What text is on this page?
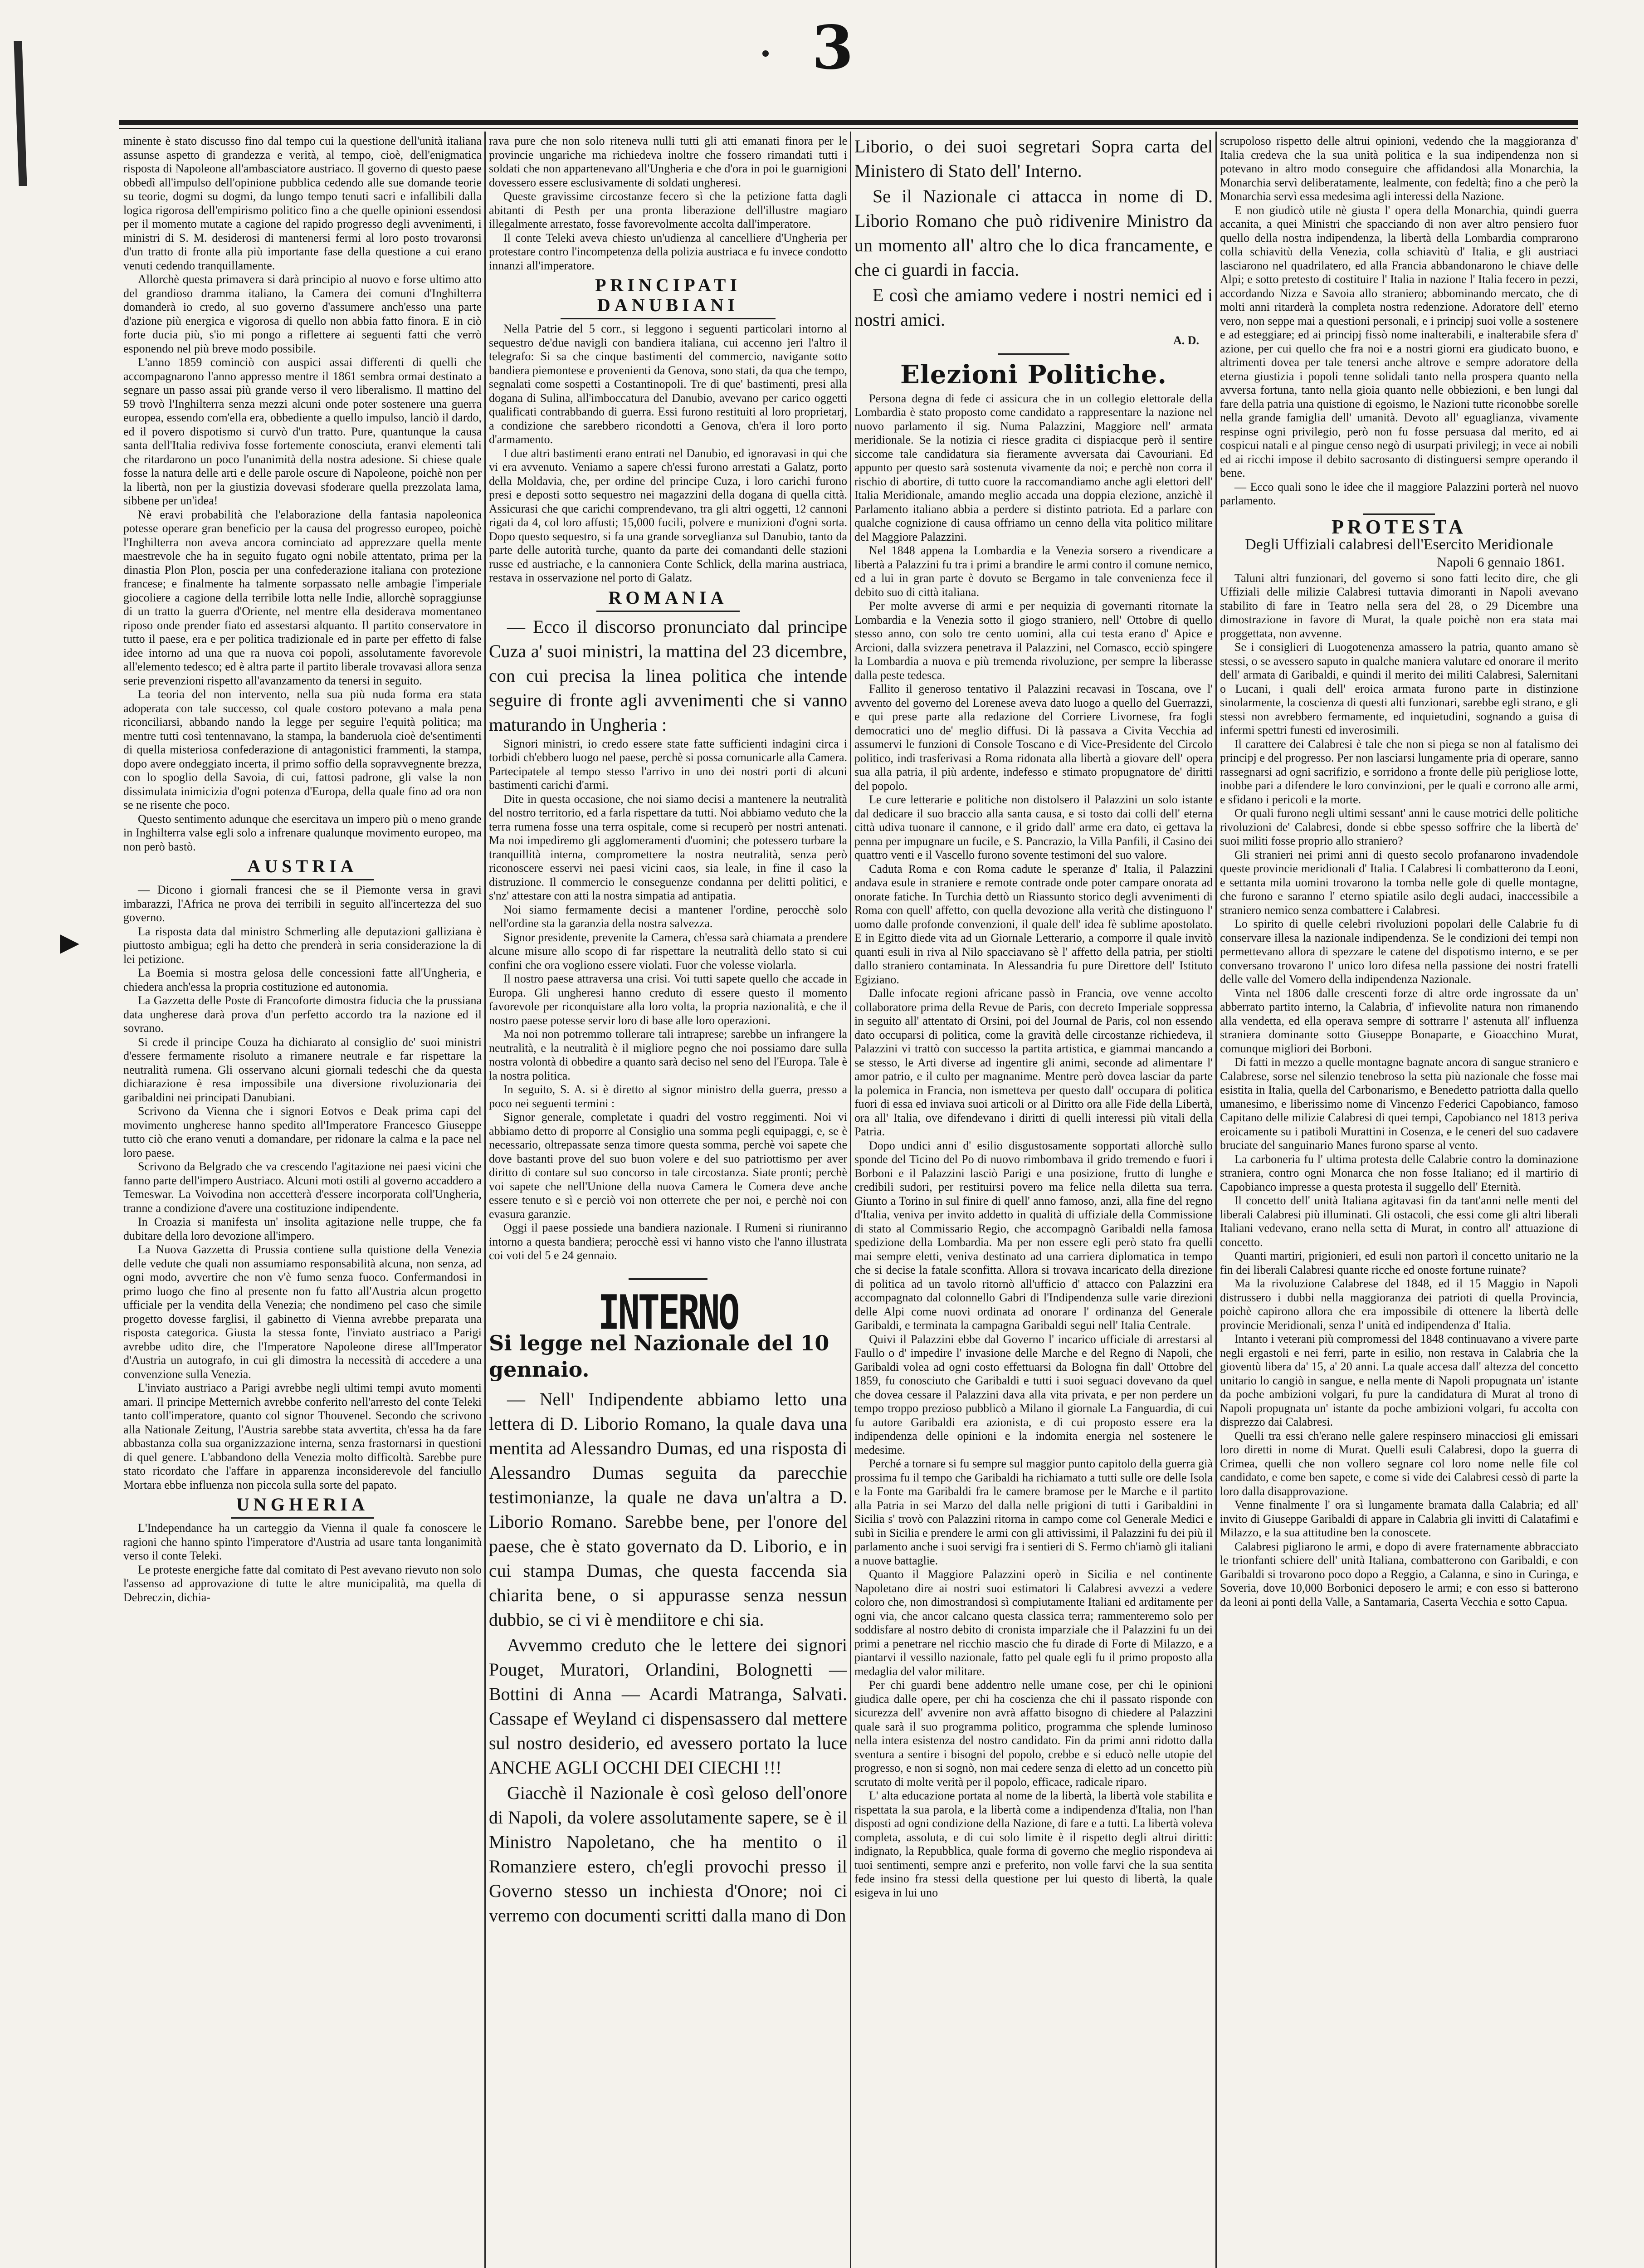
3
▶

minente è stato discusso fino dal tempo cui la questione dell'unità italiana assunse aspetto di grandezza e verità, al tempo, cioè, dell'enigmatica risposta di Napoleone all'ambasciatore austriaco. Il governo di questo paese obbedì all'impulso dell'opinione pubblica cedendo alle sue domande teorie su teorie, dogmi su dogmi, da lungo tempo tenuti sacri e infallibili dalla logica rigorosa dell'empirismo politico fino a che quelle opinioni essendosi per il momento mutate a cagione del rapido progresso degli avvenimenti, i ministri di S. M. desiderosi di mantenersi fermi al loro posto trovaronsi d'un tratto di fronte alla più importante fase della questione a cui erano venuti cedendo tranquillamente.

Allorchè questa primavera si darà principio al nuovo e forse ultimo atto del grandioso dramma italiano, la Camera dei comuni d'Inghilterra domanderà io credo, al suo governo d'assumere anch'esso una parte d'azione più energica e vigorosa di quello non abbia fatto finora. E in ciò forte ducia più, s'io mi pongo a riflettere ai seguenti fatti che verrò esponendo nel più breve modo possibile.

L'anno 1859 cominciò con auspici assai differenti di quelli che accompagnarono l'anno appresso mentre il 1861 sembra ormai destinato a segnare un passo assai più grande verso il vero liberalismo. Il mattino del 59 trovò l'Inghilterra senza mezzi alcuni onde poter sostenere una guerra europea, essendo com'ella era, obbediente a quello impulso, lanciò il dardo, ed il povero dispotismo si curvò d'un tratto. Pure, quantunque la causa santa dell'Italia rediviva fosse fortemente conosciuta, eranvi elementi tali che ritardarono un poco l'unanimità della nostra adesione. Si chiese quale fosse la natura delle arti e delle parole oscure di Napoleone, poichè non per la libertà, non per la giustizia dovevasi sfoderare quella prezzolata lama, sibbene per un'idea!

Nè eravi probabilità che l'elaborazione della fantasia napoleonica potesse operare gran beneficio per la causa del progresso europeo, poichè l'Inghilterra non aveva ancora cominciato ad apprezzare quella mente maestrevole che ha in seguito fugato ogni nobile attentato, prima per la dinastia Plon Plon, poscia per una confederazione italiana con protezione francese; e finalmente ha talmente sorpassato nelle ambagie l'imperiale giocoliere a cagione della terribile lotta nelle Indie, allorchè sopraggiunse di un tratto la guerra d'Oriente, nel mentre ella desiderava momentaneo riposo onde prender fiato ed assestarsi alquanto. Il partito conservatore in tutto il paese, era e per politica tradizionale ed in parte per effetto di false idee intorno ad una que ra nuova coi popoli, assolutamente favorevole all'elemento tedesco; ed è altra parte il partito liberale trovavasi allora senza serie prevenzioni rispetto all'avanzamento da tenersi in seguito.

La teoria del non intervento, nella sua più nuda forma era stata adoperata con tale successo, col quale costoro potevano a mala pena riconciliarsi, abbando nando la legge per seguire l'equità politica; ma mentre tutti così tentennavano, la stampa, la banderuola cioè de'sentimenti di quella misteriosa confederazione di antagonistici frammenti, la stampa, dopo avere ondeggiato incerta, il primo soffio della sopravvegnente brezza, con lo spoglio della Savoia, di cui, fattosi padrone, gli valse la non dissimulata inimicizia d'ogni potenza d'Europa, della quale fino ad ora non se ne risente che poco.

Questo sentimento adunque che esercitava un impero più o meno grande in Inghilterra valse egli solo a infrenare qualunque movimento europeo, ma non però bastò.

AUSTRIA

— Dicono i giornali francesi che se il Piemonte versa in gravi imbarazzi, l'Africa ne prova dei terribili in seguito all'incertezza del suo governo.

La risposta data dal ministro Schmerling alle deputazioni galliziana è piuttosto ambigua; egli ha detto che prenderà in seria considerazione la di lei petizione.

La Boemia si mostra gelosa delle concessioni fatte all'Ungheria, e chiedera anch'essa la propria costituzione ed autonomia.

La Gazzetta delle Poste di Francoforte dimostra fiducia che la prussiana data ungherese darà prova d'un perfetto accordo tra la nazione ed il sovrano.

Si crede il principe Couza ha dichiarato al consiglio de' suoi ministri d'essere fermamente risoluto a rimanere neutrale e far rispettare la neutralità rumena. Gli osservano alcuni giornali tedeschi che da questa dichiarazione è resa impossibile una diversione rivoluzionaria dei garibaldini nei principati Danubiani.

Scrivono da Vienna che i signori Eotvos e Deak prima capi del movimento ungherese hanno spedito all'Imperatore Francesco Giuseppe tutto ciò che erano venuti a domandare, per ridonare la calma e la pace nel loro paese.

Scrivono da Belgrado che va crescendo l'agitazione nei paesi vicini che fanno parte dell'impero Austriaco. Alcuni moti ostili al governo accaddero a Temeswar. La Voivodina non accetterà d'essere incorporata coll'Ungheria, tranne a condizione d'avere una costituzione indipendente.

In Croazia si manifesta un' insolita agitazione nelle truppe, che fa dubitare della loro devozione all'impero.

La Nuova Gazzetta di Prussia contiene sulla quistione della Venezia delle vedute che quali non assumiamo responsabilità alcuna, non senza, ad ogni modo, avvertire che non v'è fumo senza fuoco. Confermandosi in primo luogo che fino al presente non fu fatto all'Austria alcun progetto ufficiale per la vendita della Venezia; che nondimeno pel caso che simile progetto dovesse farglisi, il gabinetto di Vienna avrebbe preparata una risposta categorica. Giusta la stessa fonte, l'inviato austriaco a Parigi avrebbe udito dire, che l'Imperatore Napoleone direse all'Imperator d'Austria un autografo, in cui gli dimostra la necessità di accedere a una convenzione sulla Venezia.

L'inviato austriaco a Parigi avrebbe negli ultimi tempi avuto momenti amari. Il principe Metternich avrebbe conferito nell'arresto del conte Teleki tanto coll'imperatore, quanto col signor Thouvenel. Secondo che scrivono alla Nationale Zeitung, l'Austria sarebbe stata avvertita, ch'essa ha da fare abbastanza colla sua organizzazione interna, senza frastornarsi in questioni di quel genere. L'abbandono della Venezia molto difficoltà. Sarebbe pure stato ricordato che l'affare in apparenza inconsiderevole del fanciullo Mortara ebbe influenza non piccola sulla sorte del papato.

UNGHERIA

L'Independance ha un carteggio da Vienna il quale fa conoscere le ragioni che hanno spinto l'imperatore d'Austria ad usare tanta longanimità verso il conte Teleki.

Le proteste energiche fatte dal comitato di Pest avevano rievuto non solo l'assenso ad approvazione di tutte le altre municipalità, ma quella di Debreczin, dichia-

rava pure che non solo riteneva nulli tutti gli atti emanati finora per le provincie ungariche ma richiedeva inoltre che fossero rimandati tutti i soldati che non appartenevano all'Ungheria e che d'ora in poi le guarnigioni dovessero essere esclusivamente di soldati ungheresi.

Queste gravissime circostanze fecero sì che la petizione fatta dagli abitanti di Pesth per una pronta liberazione dell'illustre magiaro illegalmente arrestato, fosse favorevolmente accolta dall'imperatore.

Il conte Teleki aveva chiesto un'udienza al cancelliere d'Ungheria per protestare contro l'incompetenza della polizia austriaca e fu invece condotto innanzi all'imperatore.

PRINCIPATI DANUBIANI

Nella Patrie del 5 corr., si leggono i seguenti particolari intorno al sequestro de'due navigli con bandiera italiana, cui accenno jeri l'altro il telegrafo: Si sa che cinque bastimenti del commercio, navigante sotto bandiera piemontese e provenienti da Genova, sono stati, da qua che tempo, segnalati come sospetti a Costantinopoli. Tre di que' bastimenti, presi alla dogana di Sulina, all'imboccatura del Danubio, avevano per carico oggetti qualificati contrabbando di guerra. Essi furono restituiti al loro proprietarj, a condizione che sarebbero ricondotti a Genova, ch'era il loro porto d'armamento.

I due altri bastimenti erano entrati nel Danubio, ed ignoravasi in qui che vi era avvenuto. Veniamo a sapere ch'essi furono arrestati a Galatz, porto della Moldavia, che, per ordine del principe Cuza, i loro carichi furono presi e deposti sotto sequestro nei magazzini della dogana di quella città. Assicurasi che que carichi comprendevano, tra gli altri oggetti, 12 cannoni rigati da 4, col loro affusti; 15,000 fucili, polvere e munizioni d'ogni sorta. Dopo questo sequestro, si fa una grande sorveglianza sul Danubio, tanto da parte delle autorità turche, quanto da parte dei comandanti delle stazioni russe ed austriache, e la cannoniera Conte Schlick, della marina austriaca, restava in osservazione nel porto di Galatz.

ROMANIA

— Ecco il discorso pronunciato dal principe Cuza a' suoi ministri, la mattina del 23 dicembre, con cui precisa la linea politica che intende seguire di fronte agli avvenimenti che si vanno maturando in Ungheria :

Signori ministri, io credo essere state fatte sufficienti indagini circa i torbidi ch'ebbero luogo nel paese, perchè si possa comunicarle alla Camera. Partecipatele al tempo stesso l'arrivo in uno dei nostri porti di alcuni bastimenti carichi d'armi.

Dite in questa occasione, che noi siamo decisi a mantenere la neutralità del nostro territorio, ed a farla rispettare da tutti. Noi abbiamo veduto che la terra rumena fosse una terra ospitale, come si recuperò per nostri antenati. Ma noi impediremo gli agglomeramenti d'uomini; che potessero turbare la tranquillità interna, compromettere la nostra neutralità, senza però riconoscere esservi nei paesi vicini caos, sia leale, in fine il caso la distruzione. Il commercio le conseguenze condanna per delitti politici, e s'nz' attestare con atti la nostra simpatia ad antipatia.

Noi siamo fermamente decisi a mantener l'ordine, perocchè solo nell'ordine sta la garanzia della nostra salvezza.

Signor presidente, prevenite la Camera, ch'essa sarà chiamata a prendere alcune misure allo scopo di far rispettare la neutralità dello stato si cui confini che ora vogliono essere violati. Fuor che volesse violarla.

Il nostro paese attraversa una crisi. Voi tutti sapete quello che accade in Europa. Gli ungheresi hanno creduto di essere questo il momento favorevole per riconquistare alla loro volta, la propria nazionalità, e che il nostro paese potesse servir loro di base alle loro operazioni.

Ma noi non potremmo tollerare tali intraprese; sarebbe un infrangere la neutralità, e la neutralità è il migliore pegno che noi possiamo dare sulla nostra volontà di obbedire a quanto sarà deciso nel seno del l'Europa. Tale è la nostra politica.

In seguito, S. A. si è diretto al signor ministro della guerra, presso a poco nei seguenti termini :

Signor generale, completate i quadri del vostro reggimenti. Noi vi abbiamo detto di proporre al Consiglio una somma pegli equipaggi, e, se è necessario, oltrepassate senza timore questa somma, perchè voi sapete che dove bastanti prove del suo buon volere e del suo patriottismo per aver diritto di contare sul suo concorso in tale circostanza. Siate pronti; perchè voi sapete che nell'Unione della nuova Camera le Comera deve anche essere tenuto e sì e perciò voi non otterrete che per noi, e perchè noi con evasura garanzie.

Oggi il paese possiede una bandiera nazionale. I Rumeni si riuniranno intorno a questa bandiera; perocchè essi vi hanno visto che l'anno illustrata coi voti del 5 e 24 gennaio.

INTERNO
Si legge nel Nazionale del 10 gennaio.

— Nell' Indipendente abbiamo letto una lettera di D. Liborio Romano, la quale dava una mentita ad Alessandro Dumas, ed una risposta di Alessandro Dumas seguita da parecchie testimonianze, la quale ne dava un'altra a D. Liborio Romano. Sarebbe bene, per l'onore del paese, che è stato governato da D. Liborio, e in cui stampa Dumas, che questa faccenda sia chiarita bene, o si appurasse senza nessun dubbio, se ci vi è mendiitore e chi sia.

Avvemmo creduto che le lettere dei signori Pouget, Muratori, Orlandini, Bolognetti — Bottini di Anna — Acardi Matranga, Salvati. Cassape ef Weyland ci dispensassero dal mettere sul nostro desiderio, ed avessero portato la luce ANCHE AGLI OCCHI DEI CIECHI !!!

Giacchè il Nazionale è così geloso dell'onore di Napoli, da volere assolutamente sapere, se è il Ministro Napoletano, che ha mentito o il Romanziere estero, ch'egli provochi presso il Governo stesso un inchiesta d'Onore; noi ci verremo con documenti scritti dalla mano di Don

Liborio, o dei suoi segretari Sopra carta del Ministero di Stato dell' Interno.

Se il Nazionale ci attacca in nome di D. Liborio Romano che può ridivenire Ministro da un momento all' altro che lo dica francamente, e che ci guardi in faccia.

E così che amiamo vedere i nostri nemici ed i nostri amici.

A. D.
Elezioni Politiche.

Persona degna di fede ci assicura che in un collegio elettorale della Lombardia è stato proposto come candidato a rappresentare la nazione nel nuovo parlamento il sig. Numa Palazzini, Maggiore nell' armata meridionale. Se la notizia ci riesce gradita ci dispiacque però il sentire siccome tale candidatura sia fieramente avversata dai Cavouriani. Ed appunto per questo sarà sostenuta vivamente da noi; e perchè non corra il rischio di abortire, di tutto cuore la raccomandiamo anche agli elettori dell' Italia Meridionale, amando meglio accada una doppia elezione, anzichè il Parlamento italiano abbia a perdere si distinto patriota. Ed a parlare con qualche cognizione di causa offriamo un cenno della vita politico militare del Maggiore Palazzini.

Nel 1848 appena la Lombardia e la Venezia sorsero a rivendicare a libertà a Palazzini fu tra i primi a brandire le armi contro il comune nemico, ed a lui in gran parte è dovuto se Bergamo in tale convenienza fece il debito suo di città italiana.

Per molte avverse di armi e per nequizia di governanti ritornate la Lombardia e la Venezia sotto il giogo straniero, nell' Ottobre di quello stesso anno, con solo tre cento uomini, alla cui testa erano d' Apice e Arcioni, dalla svizzera penetrava il Palazzini, nel Comasco, ecciò spingere la Lombardia a nuova e più tremenda rivoluzione, per sempre la liberasse dalla peste tedesca.

Fallito il generoso tentativo il Palazzini recavasi in Toscana, ove l' avvento del governo del Lorenese aveva dato luogo a quello del Guerrazzi, e qui prese parte alla redazione del Corriere Livornese, fra fogli democratici uno de' meglio diffusi. Di là passava a Civita Vecchia ad assumervi le funzioni di Console Toscano e di Vice-Presidente del Circolo politico, indi trasferivasi a Roma ridonata alla libertà a giovare dell' opera sua alla patria, il più ardente, indefesso e stimato propugnatore de' diritti del popolo.

Le cure letterarie e politiche non distolsero il Palazzini un solo istante dal dedicare il suo braccio alla santa causa, e si tosto dai colli dell' eterna città udiva tuonare il cannone, e il grido dall' arme era dato, ei gettava la penna per impugnare un fucile, e S. Pancrazio, la Villa Panfili, il Casino dei quattro venti e il Vascello furono sovente testimoni del suo valore.

Caduta Roma e con Roma cadute le speranze d' Italia, il Palazzini andava esule in straniere e remote contrade onde poter campare onorata ad onorate fatiche. In Turchia dettò un Riassunto storico degli avvenimenti di Roma con quell' affetto, con quella devozione alla verità che distinguono l' uomo dalle profonde convenzioni, il quale dell' idea fè sublime apostolato. E in Egitto diede vita ad un Giornale Letterario, a comporre il quale invitò quanti esuli in riva al Nilo spacciavano sè l' affetto della patria, per stiolti dallo straniero contaminata. In Alessandria fu pure Direttore dell' Istituto Egiziano.

Dalle infocate regioni africane passò in Francia, ove venne accolto collaboratore prima della Revue de Paris, con decreto Imperiale soppressa in seguito all' attentato di Orsini, poi del Journal de Paris, col non essendo dato occuparsi di politica, come la gravità delle circostanze richiedeva, il Palazzini vi trattò con successo la partita artistica, e giammai mancando a se stesso, le Arti diverse ad ingentire gli animi, seconde ad alimentare l' amor patrio, e il culto per magnanime. Mentre però dovea lasciar da parte la polemica in Francia, non ismetteva per questo dall' occupara di politica fuori di essa ed inviava suoi articoli or al Diritto ora alle Fide della Libertà, ora all' Italia, ove difendevano i diritti di quelli interessi più vitali della Patria.

Dopo undici anni d' esilio disgustosamente sopportati allorchè sullo sponde del Ticino del Po di nuovo rimbombava il grido tremendo e fuori i Borboni e il Palazzini lasciò Parigi e una posizione, frutto di lunghe e credibili sudori, per restituirsi povero ma felice nella diletta sua terra. Giunto a Torino in sul finire di quell' anno famoso, anzi, alla fine del regno d'Italia, veniva per invito addetto in qualità di uffiziale della Commissione di stato al Commissario Regio, che accompagnò Garibaldi nella famosa spedizione della Lombardia. Ma per non essere egli però stato fra quelli mai sempre eletti, veniva destinato ad una carriera diplomatica in tempo che si decise la fatale sconfitta. Allora si trovava incaricato della direzione di politica ad un tavolo ritornò all'ufficio d' attacco con Palazzini era accompagnato dal colonnello Gabri di l'Indipendenza sulle varie direzioni delle Alpi come nuovi ordinata ad onorare l' ordinanza del Generale Garibaldi, e terminata la campagna Garibaldi segui nell' Italia Centrale.

Quivi il Palazzini ebbe dal Governo l' incarico ufficiale di arrestarsi al Faullo o d' impedire l' invasione delle Marche e del Regno di Napoli, che Garibaldi volea ad ogni costo effettuarsi da Bologna fin dall' Ottobre del 1859, fu conosciuto che Garibaldi e tutti i suoi seguaci dovevano da quel che dovea cessare il Palazzini dava alla vita privata, e per non perdere un tempo troppo prezioso pubblicò a Milano il giornale La Fanguardia, di cui fu autore Garibaldi era azionista, e di cui proposto essere era la indipendenza delle opinioni e la indomita energia nel sostenere le medesime.

Perché a tornare si fu sempre sul maggior punto capitolo della guerra già prossima fu il tempo che Garibaldi ha richiamato a tutti sulle ore delle Isola e la Fonte ma Garibaldi fra le camere bramose per le Marche e il partito alla Patria in sei Marzo del dalla nelle prigioni di tutti i Garibaldini in Sicilia s' trovò con Palazzini ritorna in campo come col Generale Medici e subì in Sicilia e prendere le armi con gli attivissimi, il Palazzini fu dei più il parlamento anche i suoi servigi fra i sentieri di S. Fermo ch'iamò gli italiani a nuove battaglie.

Quanto il Maggiore Palazzini operò in Sicilia e nel continente Napoletano dire ai nostri suoi estimatori li Calabresi avvezzi a vedere coloro che, non dimostrandosi sì compiutamente Italiani ed arditamente per ogni via, che ancor calcano questa classica terra; rammenteremo solo per soddisfare al nostro debito di cronista imparziale che il Palazzini fu un dei primi a penetrare nel ricchio mascio che fu dirade di Forte di Milazzo, e a piantarvi il vessillo nazionale, fatto pel quale egli fu il primo proposto alla medaglia del valor militare.

Per chi guardi bene addentro nelle umane cose, per chi le opinioni giudica dalle opere, per chi ha coscienza che chi il passato risponde con sicurezza dell' avvenire non avrà affatto bisogno di chiedere al Palazzini quale sarà il suo programma politico, programma che splende luminoso nella intera esistenza del nostro candidato. Fin da primi anni ridotto dalla sventura a sentire i bisogni del popolo, crebbe e si educò nelle utopie del progresso, e non si sognò, non mai cedere senza di eletto ad un concetto più scrutato di molte verità per il popolo, efficace, radicale riparo.

L' alta educazione portata al nome de la libertà, la libertà vole stabilita e rispettata la sua parola, e la libertà come a indipendenza d'Italia, non l'han disposti ad ogni condizione della Nazione, di fare e a tutti. La libertà voleva completa, assoluta, e di cui solo limite è il rispetto degli altrui diritti: indignato, la Repubblica, quale forma di governo che meglio rispondeva ai tuoi sentimenti, sempre anzi e preferito, non volle farvi che la sua sentita fede insino fra stessi della questione per lui questo di libertà, la quale esigeva in lui uno

scrupoloso rispetto delle altrui opinioni, vedendo che la maggioranza d' Italia credeva che la sua unità politica e la sua indipendenza non si potevano in altro modo conseguire che affidandosi alla Monarchia, la Monarchia servì deliberatamente, lealmente, con fedeltà; fino a che però la Monarchia servì essa medesima agli interessi della Nazione.

E non giudicò utile nè giusta l' opera della Monarchia, quindi guerra accanita, a quei Ministri che spacciando di non aver altro pensiero fuor quello della nostra indipendenza, la libertà della Lombardia comprarono colla schiavitù della Venezia, colla schiavitù d' Italia, e gli austriaci lasciarono nel quadrilatero, ed alla Francia abbandonarono le chiave delle Alpi; e sotto pretesto di costituire l' Italia in nazione l' Italia fecero in pezzi, accordando Nizza e Savoia allo straniero; abbominando mercato, che di molti anni ritarderà la completa nostra redenzione. Adoratore dell' eterno vero, non seppe mai a questioni personali, e i principj suoi volle a sostenere e ad esteggiare; ed ai principj fissò nome inalterabili, e inalterabile sfera d' azione, per cui quello che fra noi e a nostri giorni era giudicato buono, e altrimenti dovea per tale tenersi anche altrove e sempre adoratore della eterna giustizia i popoli tenne solidali tanto nella prospera quanto nella avversa fortuna, tanto nella gioia quanto nelle obbiezioni, e ben lungi dal fare della patria una quistione di egoismo, le Nazioni tutte riconobbe sorelle nella grande famiglia dell' umanità. Devoto all' eguaglianza, vivamente respinse ogni privilegio, però non fu fosse persuasa dal merito, ed ai cospicui natali e al pingue censo negò di usurpati privilegj; in vece ai nobili ed ai ricchi impose il debito sacrosanto di distinguersi sempre operando il bene.

— Ecco quali sono le idee che il maggiore Palazzini porterà nel nuovo parlamento.

PROTESTA
Degli Uffiziali calabresi dell'Esercito Meridionale
Napoli 6 gennaio 1861.

Taluni altri funzionari, del governo si sono fatti lecito dire, che gli Uffiziali delle milizie Calabresi tuttavia dimoranti in Napoli avevano stabilito di fare in Teatro nella sera del 28, o 29 Dicembre una dimostrazione in favore di Murat, la quale poichè non era stata mai proggettata, non avvenne.

Se i consiglieri di Luogotenenza amassero la patria, quanto amano sè stessi, o se avessero saputo in qualche maniera valutare ed onorare il merito dell' armata di Garibaldi, e quindi il merito dei militi Calabresi, Salernitani o Lucani, i quali dell' eroica armata furono parte in distinzione sinolarmente, la coscienza di questi alti funzionari, sarebbe egli strano, e gli stessi non avrebbero fermamente, ed inquietudini, sognando a guisa di infermi spettri funesti ed inverosimili.

Il carattere dei Calabresi è tale che non si piega se non al fatalismo dei principj e del progresso. Per non lasciarsi lungamente pria di operare, sanno rassegnarsi ad ogni sacrifizio, e sorridono a fronte delle più perigliose lotte, inobbe pari a difendere le loro convinzioni, per le quali e corrono alle armi, e sfidano i pericoli e la morte.

Or quali furono negli ultimi sessant' anni le cause motrici delle politiche rivoluzioni de' Calabresi, donde si ebbe spesso soffrire che la libertà de' suoi militi fosse proprio allo straniero?

Gli stranieri nei primi anni di questo secolo profanarono invadendole queste provincie meridionali d' Italia. I Calabresi li combatterono da Leoni, e settanta mila uomini trovarono la tomba nelle gole di quelle montagne, che furono e saranno l' eterno spiatile asilo degli audaci, inaccessibile a straniero nemico senza combattere i Calabresi.

Lo spirito di quelle celebri rivoluzioni popolari delle Calabrie fu di conservare illesa la nazionale indipendenza. Se le condizioni dei tempi non permettevano allora di spezzare le catene del dispotismo interno, e se per conversano trovarono l' unico loro difesa nella passione dei nostri fratelli delle valle del Vomero della indipendenza Nazionale.

Vinta nel 1806 dalle crescenti forze di altre orde ingrossate da un' abberrato partito interno, la Calabria, d' infievolite natura non rimanendo alla vendetta, ed ella operava sempre di sottrarre l' astenuta all' influenza straniera dominante sotto Giuseppe Bonaparte, e Gioacchino Murat, comunque migliori dei Borboni.

Di fatti in mezzo a quelle montagne bagnate ancora di sangue straniero e Calabrese, sorse nel silenzio tenebroso la setta più nazionale che fosse mai esistita in Italia, quella del Carbonarismo, e Benedetto patriotta dalla quello umanesimo, e liberissimo nome di Vincenzo Federici Capobianco, famoso Capitano delle milizie Calabresi di quei tempi, Capobianco nel 1813 periva eroicamente su i patiboli Murattini in Cosenza, e le ceneri del suo cadavere bruciate del sanguinario Manes furono sparse al vento.

La carboneria fu l' ultima protesta delle Calabrie contro la dominazione straniera, contro ogni Monarca che non fosse Italiano; ed il martirio di Capobianco impresse a questa protesta il suggello dell' Eternità.

Il concetto dell' unità Italiana agitavasi fin da tant'anni nelle menti del liberali Calabresi più illuminati. Gli ostacoli, che essi come gli altri liberali Italiani vedevano, erano nella setta di Murat, in contro all' attuazione di concetto.

Quanti martiri, prigionieri, ed esuli non partorì il concetto unitario ne la fin dei liberali Calabresi quante ricche ed onoste fortune ruinate?

Ma la rivoluzione Calabrese del 1848, ed il 15 Maggio in Napoli distrussero i dubbi nella maggioranza dei patrioti di quella Provincia, poichè capirono allora che era impossibile di ottenere la libertà delle provincie Meridionali, senza l' unità ed indipendenza d' Italia.

Intanto i veterani più compromessi del 1848 continuavano a vivere parte negli ergastoli e nei ferri, parte in esilio, non restava in Calabria che la gioventù libera da' 15, a' 20 anni. La quale accesa dall' altezza del concetto unitario lo cangiò in sangue, e nella mente di Napoli propugnata un' istante da poche ambizioni volgari, fu pure la candidatura di Murat al trono di Napoli propugnata un' istante da poche ambizioni volgari, fu accolta con disprezzo dai Calabresi.

Quelli tra essi ch'erano nelle galere respinsero minacciosi gli emissari loro diretti in nome di Murat. Quelli esuli Calabresi, dopo la guerra di Crimea, quelli che non vollero segnare col loro nome nelle file col candidato, e come ben sapete, e come si vide dei Calabresi cessò di parte la loro dalla disapprovazione.

Venne finalmente l' ora sì lungamente bramata dalla Calabria; ed all' invito di Giuseppe Garibaldi di appare in Calabria gli invitti di Calatafimi e Milazzo, e la sua attitudine ben la conoscete.

Calabresi pigliarono le armi, e dopo di avere fraternamente abbracciato le trionfanti schiere dell' unità Italiana, combatterono con Garibaldi, e con Garibaldi si trovarono poco dopo a Reggio, a Calanna, e sino in Curinga, e Soveria, dove 10,000 Borbonici deposero le armi; e con esso si batterono da leoni ai ponti della Valle, a Santamaria, Caserta Vecchia e sotto Capua.
